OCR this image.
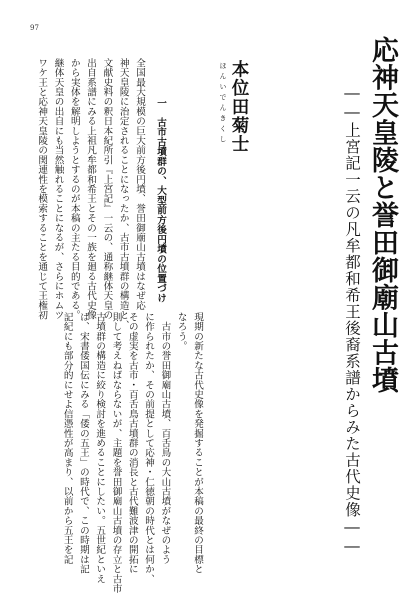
97
応神天皇陵と誉田御廟山古墳
――上宮記一云の凡牟都和希王後裔系譜からみた古代史像――
ほんいでんきくし 本位田菊士
一　古市古墳群の、大型前方後円墳の位置づけ
全国最大規模の巨大前方後円墳、誉田御廟山古墳はなぜ応
神天皇陵に治定されることになったか、古市古墳群の構造と、
文献史料の釈日本紀所引『上宮記』一云の、通称継体天皇の
出自系譜にみる上祖凡牟都和希王とその一族を廻る古代史像
から実体を解明しようとするのが本稿の主たる目的である。
継体天皇の出自にも当然触れることになるが、さらにホムツ
ワケ王と応神天皇陵の関連性を模索することを通じて王権初
現期の新たな古代史像を発掘することが本稿の最終の目標と
なろう。
　古市の誉田御廟山古墳、百舌鳥の大山古墳がなぜのよう
に作られたか、その前提として応神・仁徳朝の時代とは何か、
その虚実を古市・百舌鳥古墳群の消長と古代難波津の開拓に
則して考えねばならないが、主題を誉田御廟山古墳の存立と古市
古墳群の構造に絞り検討を進めることにしたい。五世紀といえ
ば、宋書倭国伝にみる「倭の五王」の時代で、この時期は記
記紀にも部分的にせよ信憑性が高まり、以前から五王を記
